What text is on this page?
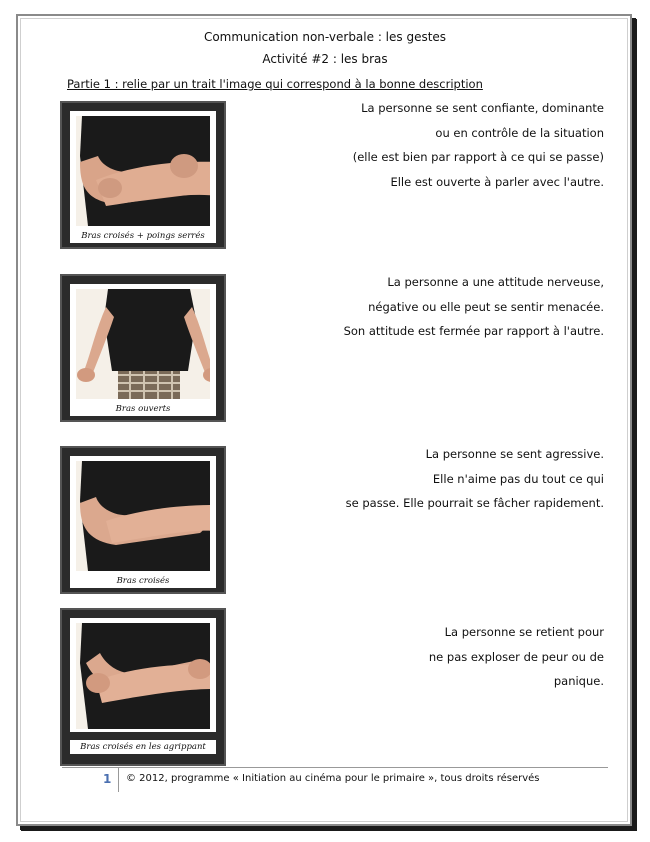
Communication non-verbale : les gestes
Activité #2 : les bras
Partie 1 : relie par un trait l'image qui correspond à la bonne description
Bras croisés + poings serrés
Bras ouverts
Bras croisés
Bras croisés en les agrippant
La personne se sent confiante, dominante
ou en contrôle de la situation
(elle est bien par rapport à ce qui se passe)
Elle est ouverte à parler avec l'autre.
La personne a une attitude nerveuse,
négative ou elle peut se sentir menacée.
Son attitude est fermée par rapport à l'autre.
La personne se sent agressive.
Elle n'aime pas du tout ce qui
se passe. Elle pourrait se fâcher rapidement.
La personne se retient pour
ne pas exploser de peur ou de
panique.
1 © 2012, programme « Initiation au cinéma pour le primaire », tous droits réservés
